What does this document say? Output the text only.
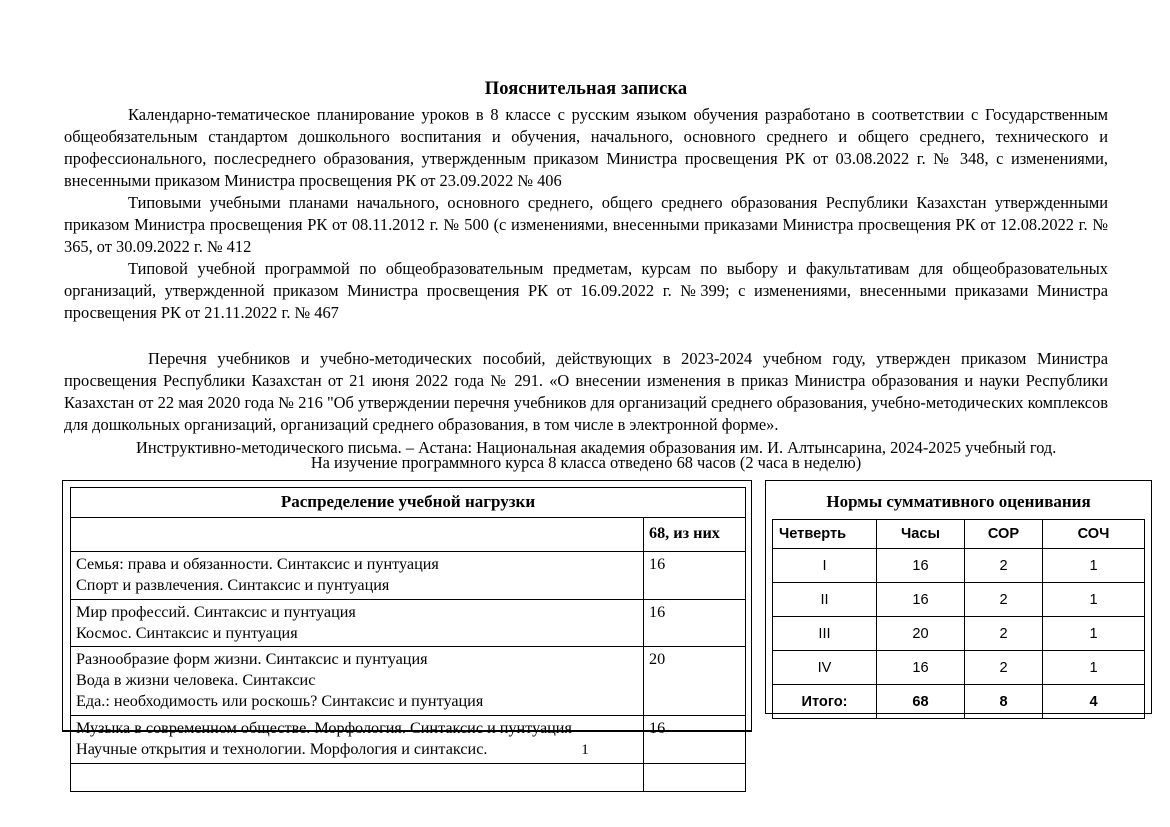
Пояснительная записка

Календарно-тематическое планирование уроков в 8 классе с русским языком обучения разработано в соответствии с Государственным общеобязательным стандартом дошкольного воспитания и обучения, начального, основного среднего и общего среднего, технического и профессионального, послесреднего образования, утвержденным приказом Министра просвещения РК от 03.08.2022 г. № 348, с изменениями, внесенными приказом Министра просвещения РК от 23.09.2022 № 406

Типовыми учебными планами начального, основного среднего, общего среднего образования Республики Казахстан утвержденными приказом Министра просвещения РК от 08.11.2012 г. № 500 (с изменениями, внесенными приказами Министра просвещения РК от 12.08.2022 г. № 365, от 30.09.2022 г. № 412

Типовой учебной программой по общеобразовательным предметам, курсам по выбору и факультативам для общеобразовательных организаций, утвержденной приказом Министра просвещения РК от 16.09.2022 г. №399; с изменениями, внесенными приказами Министра просвещения РК от 21.11.2022 г. № 467

Перечня учебников и учебно-методических пособий, действующих в 2023-2024 учебном году, утвержден приказом Министра просвещения Республики Казахстан от 21 июня 2022 года № 291. «О внесении изменения в приказ Министра образования и науки Республики Казахстан от 22 мая 2020 года № 216 "Об утверждении перечня учебников для организаций среднего образования, учебно-методических комплексов для дошкольных организаций, организаций среднего образования, в том числе в электронной форме».

Инструктивно-методического письма. – Астана: Национальная академия образования им. И. Алтынсарина, 2024-2025 учебный год.

На изучение программного курса 8 класса отведено 68 часов (2 часа в неделю)

Распределение учебной нагрузки	
	68, из них

Семья: права и обязанности. Синтаксис и пунтуация
Спорт и развлечения. Синтаксис и пунтуация	16

Мир профессий. Синтаксис и пунтуация
Космос. Синтаксис и пунтуация	16

Разнообразие форм жизни. Синтаксис и пунтуация
Вода в жизни человека. Синтаксис
Еда.: необходимость или роскошь? Синтаксис и пунтуация	20

Музыка в современном обществе. Морфология. Синтаксис и пунтуация
Научные открытия и технологии. Морфология и синтаксис.	16

Нормы суммативного оценивания			
Четверть	Часы	СОР	СОЧ
I	16	2	1
II	16	2	1
III	20	2	1
IV	16	2	1
Итого:	68	8	4
1
